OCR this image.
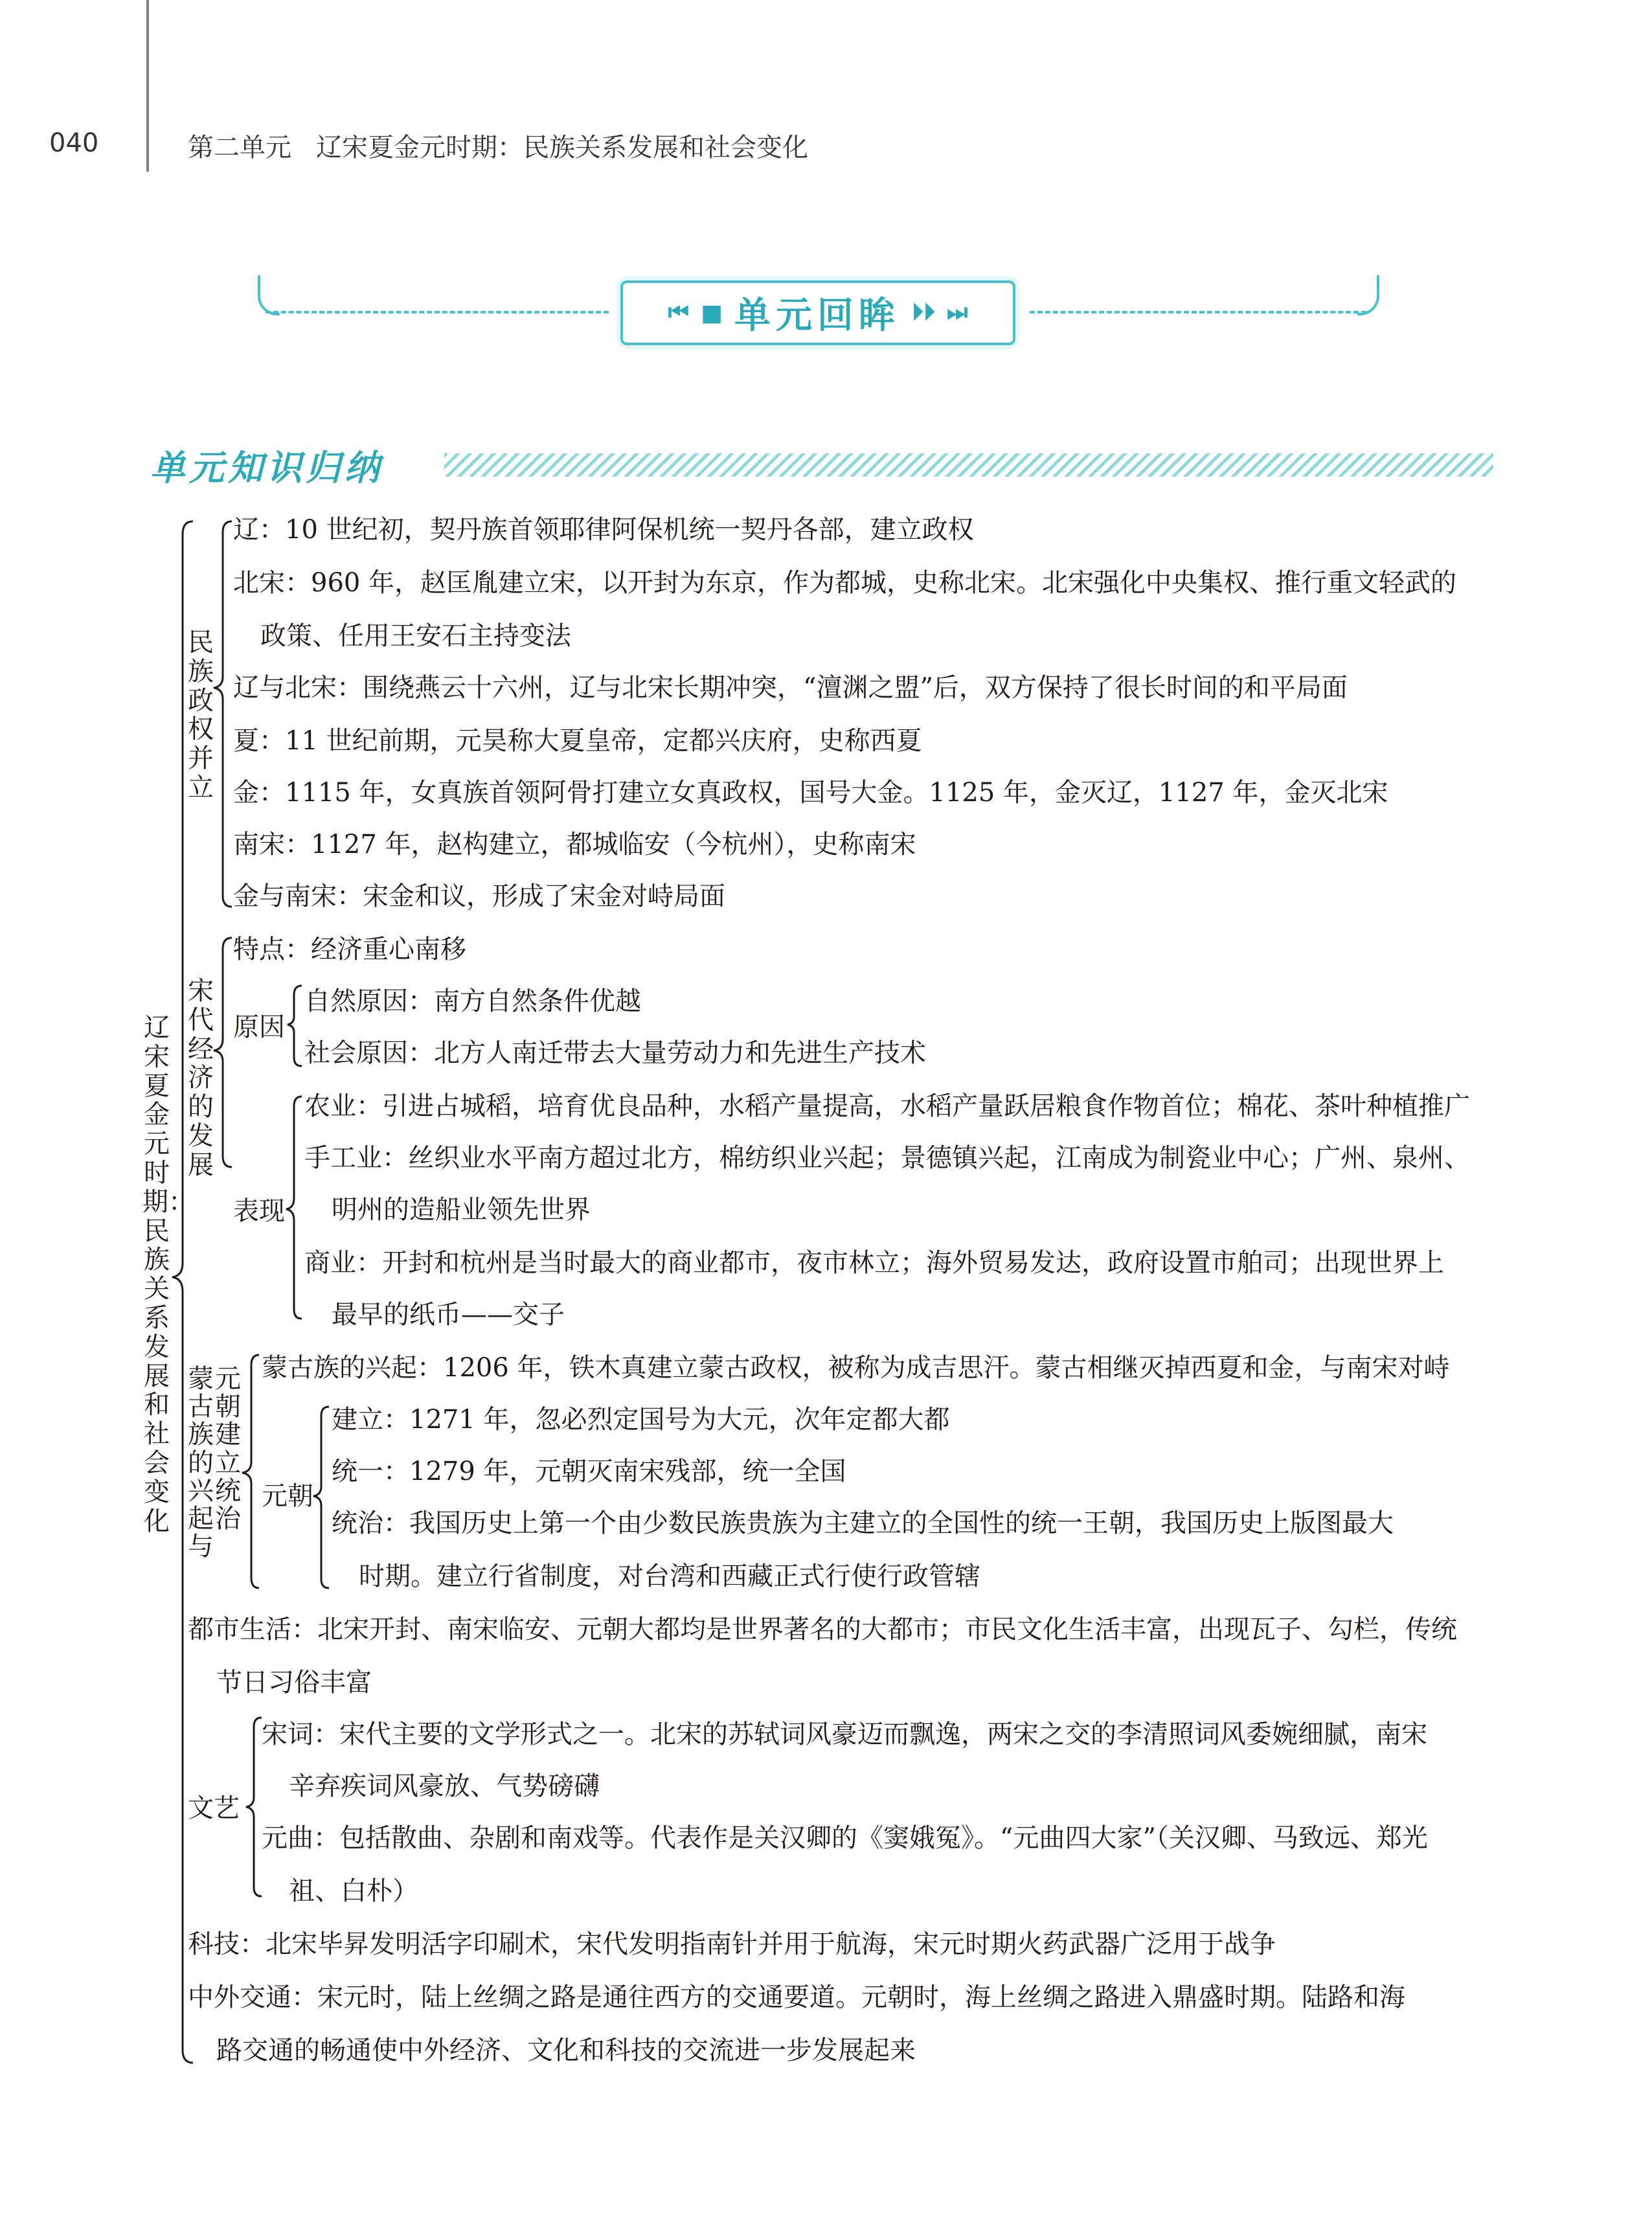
040	第二单元 辽宋夏金元时期：民族关系发展和社会变化
⏮ ■ 单元回眸 ⏵⏵ ⏭
单元知识归纳
辽宋夏金元时期：民族关系发展和社会变化
民族政权并立
宋代经济的发展
蒙古族的兴起与
元朝建立统治
辽：10 世纪初，契丹族首领耶律阿保机统一契丹各部，建立政权
北宋：960 年，赵匡胤建立宋，以开封为东京，作为都城，史称北宋。北宋强化中央集权、推行重文轻武的
政策、任用王安石主持变法
辽与北宋：围绕燕云十六州，辽与北宋长期冲突，“澶渊之盟”后，双方保持了很长时间的和平局面
夏：11 世纪前期，元昊称大夏皇帝，定都兴庆府，史称西夏
金：1115 年，女真族首领阿骨打建立女真政权，国号大金。1125 年，金灭辽，1127 年，金灭北宋
南宋：1127 年，赵构建立，都城临安（今杭州），史称南宋
金与南宋：宋金和议，形成了宋金对峙局面
特点：经济重心南移
原因
自然原因：南方自然条件优越
社会原因：北方人南迁带去大量劳动力和先进生产技术
表现
农业：引进占城稻，培育优良品种，水稻产量提高，水稻产量跃居粮食作物首位；棉花、茶叶种植推广
手工业：丝织业水平南方超过北方，棉纺织业兴起；景德镇兴起，江南成为制瓷业中心；广州、泉州、
明州的造船业领先世界
商业：开封和杭州是当时最大的商业都市，夜市林立；海外贸易发达，政府设置市舶司；出现世界上
最早的纸币——交子
蒙古族的兴起：1206 年，铁木真建立蒙古政权，被称为成吉思汗。蒙古相继灭掉西夏和金，与南宋对峙
元朝
建立：1271 年，忽必烈定国号为大元，次年定都大都
统一：1279 年，元朝灭南宋残部，统一全国
统治：我国历史上第一个由少数民族贵族为主建立的全国性的统一王朝，我国历史上版图最大
时期。建立行省制度，对台湾和西藏正式行使行政管辖
都市生活：北宋开封、南宋临安、元朝大都均是世界著名的大都市；市民文化生活丰富，出现瓦子、勾栏，传统
节日习俗丰富
文艺
宋词：宋代主要的文学形式之一。北宋的苏轼词风豪迈而飘逸，两宋之交的李清照词风委婉细腻，南宋
辛弃疾词风豪放、气势磅礴
元曲：包括散曲、杂剧和南戏等。代表作是关汉卿的《窦娥冤》。“元曲四大家”（关汉卿、马致远、郑光
祖、白朴）
科技：北宋毕昇发明活字印刷术，宋代发明指南针并用于航海，宋元时期火药武器广泛用于战争
中外交通：宋元时，陆上丝绸之路是通往西方的交通要道。元朝时，海上丝绸之路进入鼎盛时期。陆路和海
路交通的畅通使中外经济、文化和科技的交流进一步发展起来
